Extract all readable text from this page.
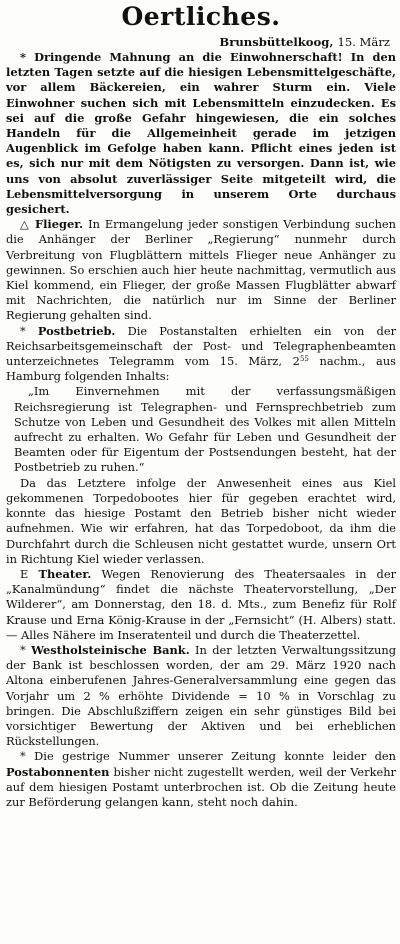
Oertliches.
Brunsbüttelkoog, 15. März

* Dringende Mahnung an die Einwohnerschaft! In den letzten Tagen setzte auf die hiesigen Lebensmittelgeschäfte, vor allem Bäckereien, ein wahrer Sturm ein. Viele Einwohner suchen sich mit Lebensmitteln einzudecken. Es sei auf die große Gefahr hingewiesen, die ein solches Handeln für die Allgemeinheit gerade im jetzigen Augenblick im Gefolge haben kann. Pflicht eines jeden ist es, sich nur mit dem Nötigsten zu versorgen. Dann ist, wie uns von absolut zuverlässiger Seite mitgeteilt wird, die Lebensmittelversorgung in unserem Orte durchaus gesichert.

△ Flieger. In Ermangelung jeder sonstigen Verbindung suchen die Anhänger der Berliner „Regierung“ nunmehr durch Verbreitung von Flugblättern mittels Flieger neue Anhänger zu gewinnen. So erschien auch hier heute nachmittag, vermutlich aus Kiel kommend, ein Flieger, der große Massen Flugblätter abwarf mit Nachrichten, die natürlich nur im Sinne der Berliner Regierung gehalten sind.

* Postbetrieb. Die Postanstalten erhielten ein von der Reichsarbeitsgemeinschaft der Post- und Telegraphenbeamten unterzeichnetes Telegramm vom 15. März, $2^{55}$ nachm., aus Hamburg folgenden Inhalts:

„Im Einvernehmen mit der verfassungsmäßigen Reichsregierung ist Telegraphen- und Fernsprechbetrieb zum Schutze von Leben und Gesundheit des Volkes mit allen Mitteln aufrecht zu erhalten. Wo Gefahr für Leben und Gesundheit der Beamten oder für Eigentum der Postsendungen besteht, hat der Postbetrieb zu ruhen.“

Da das Letztere infolge der Anwesenheit eines aus Kiel gekommenen Torpedobootes hier für gegeben erachtet wird, konnte das hiesige Postamt den Betrieb bisher nicht wieder aufnehmen. Wie wir erfahren, hat das Torpedoboot, da ihm die Durchfahrt durch die Schleusen nicht gestattet wurde, unsern Ort in Richtung Kiel wieder verlassen.

E Theater. Wegen Renovierung des Theatersaales in der „Kanalmündung“ findet die nächste Theatervorstellung, „Der Wilderer“, am Donnerstag, den 18. d. Mts., zum Benefiz für Rolf Krause und Erna König-Krause in der „Fernsicht“ (H. Albers) statt. — Alles Nähere im Inseratenteil und durch die Theaterzettel.

* Westholsteinische Bank. In der letzten Verwaltungssitzung der Bank ist beschlossen worden, der am 29. März 1920 nach Altona einberufenen Jahres-Generalversammlung eine gegen das Vorjahr um 2 % erhöhte Dividende = 10 % in Vorschlag zu bringen. Die Abschlußziffern zeigen ein sehr günstiges Bild bei vorsichtiger Bewertung der Aktiven und bei erheblichen Rückstellungen.

* Die gestrige Nummer unserer Zeitung konnte leider den Postabonnenten bisher nicht zugestellt werden, weil der Verkehr auf dem hiesigen Postamt unterbrochen ist. Ob die Zeitung heute zur Beförderung gelangen kann, steht noch dahin.
